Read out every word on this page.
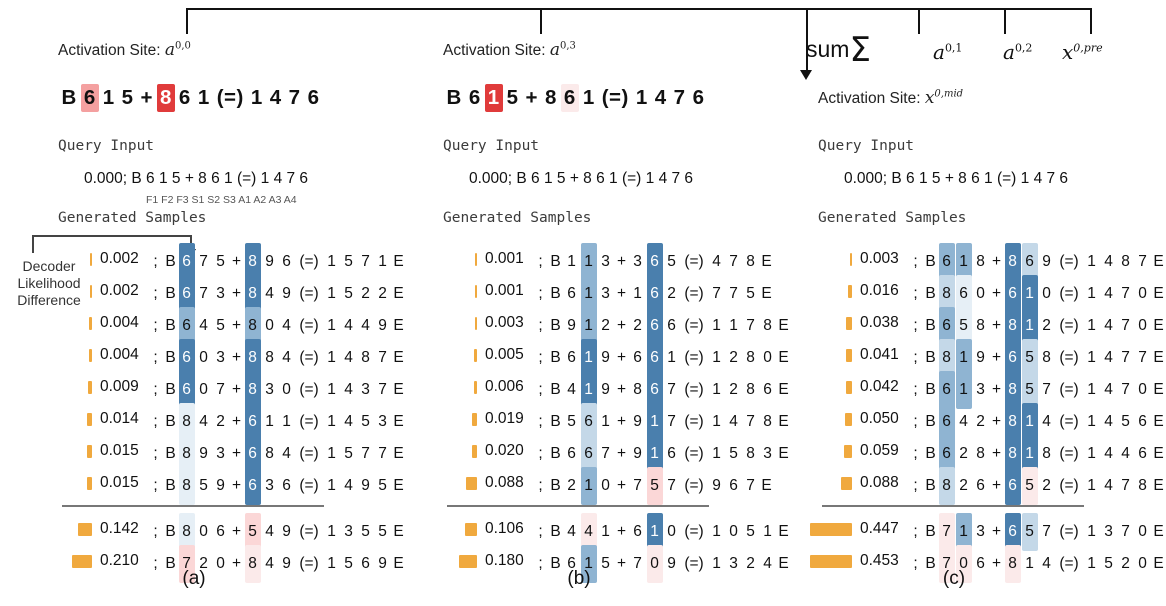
sumΣ	$a^{0,1}$ $a^{0,2}$ $x^{0,pre}$
Decoder
Likelihood
Difference
Activation Site: $a^{0,0}$
B 6 1 5 + 8 6 1 (=) 1 4 7 6
Query Input
0.000; B 6 1 5 + 8 6 1 (=) 1 4 7 6
F1 F2 F3 S1 S2 S3 A1 A2 A3 A4
Generated Samples
0.002 ;B 6 7 5 + 8 9 6 (=) 1 5 7 1 E
0.002 ;B 6 7 3 + 8 4 9 (=) 1 5 2 2 E
0.004 ;B 6 4 5 + 8 0 4 (=) 1 4 4 9 E
0.004 ;B 6 0 3 + 8 8 4 (=) 1 4 8 7 E
0.009 ;B 6 0 7 + 8 3 0 (=) 1 4 3 7 E
0.014 ;B 8 4 2 + 6 1 1 (=) 1 4 5 3 E
0.015 ;B 8 9 3 + 6 8 4 (=) 1 5 7 7 E
0.015 ;B 8 5 9 + 6 3 6 (=) 1 4 9 5 E
0.142 ;B 8 0 6 + 5 4 9 (=) 1 3 5 5 E
0.210 ;B 7 2 0 + 8 4 9 (=) 1 5 6 9 E
(a)
Activation Site: $a^{0,3}$
B 6 1 5 + 8 6 1 (=) 1 4 7 6
Query Input
0.000; B 6 1 5 + 8 6 1 (=) 1 4 7 6
Generated Samples
0.001 ;B 1 1 3 + 3 6 5 (=) 4 7 8 E
0.001 ;B 6 1 3 + 1 6 2 (=) 7 7 5 E
0.003 ;B 9 1 2 + 2 6 6 (=) 1 1 7 8 E
0.005 ;B 6 1 9 + 6 6 1 (=) 1 2 8 0 E
0.006 ;B 4 1 9 + 8 6 7 (=) 1 2 8 6 E
0.019 ;B 5 6 1 + 9 1 7 (=) 1 4 7 8 E
0.020 ;B 6 6 7 + 9 1 6 (=) 1 5 8 3 E
0.088 ;B 2 1 0 + 7 5 7 (=) 9 6 7 E
0.106 ;B 4 4 1 + 6 1 0 (=) 1 0 5 1 E
0.180 ;B 6 1 5 + 7 0 9 (=) 1 3 2 4 E
(b)
Activation Site: $x^{0,mid}$
Query Input
0.000; B 6 1 5 + 8 6 1 (=) 1 4 7 6
Generated Samples
0.003 ;B 6 1 8 + 8 6 9 (=) 1 4 8 7 E
0.016 ;B 8 6 0 + 6 1 0 (=) 1 4 7 0 E
0.038 ;B 6 5 8 + 8 1 2 (=) 1 4 7 0 E
0.041 ;B 8 1 9 + 6 5 8 (=) 1 4 7 7 E
0.042 ;B 6 1 3 + 8 5 7 (=) 1 4 7 0 E
0.050 ;B 6 4 2 + 8 1 4 (=) 1 4 5 6 E
0.059 ;B 6 2 8 + 8 1 8 (=) 1 4 4 6 E
0.088 ;B 8 2 6 + 6 5 2 (=) 1 4 7 8 E
0.447 ;B 7 1 3 + 6 5 7 (=) 1 3 7 0 E
0.453 ;B 7 0 6 + 8 1 4 (=) 1 5 2 0 E
(c)
